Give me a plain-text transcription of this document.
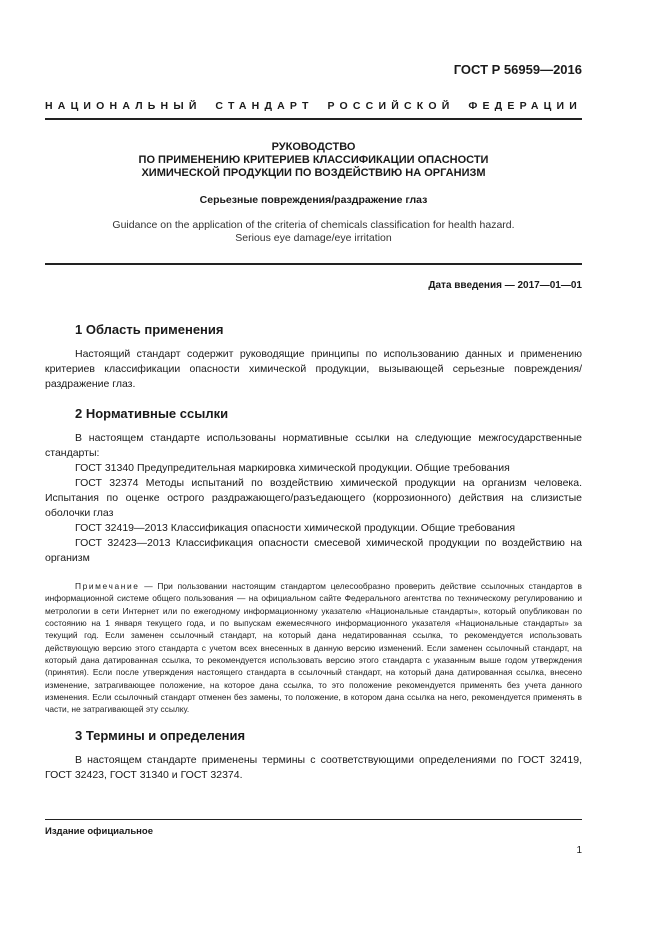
ГОСТ Р 56959—2016
НАЦИОНАЛЬНЫЙ СТАНДАРТ РОССИЙСКОЙ ФЕДЕРАЦИИ
РУКОВОДСТВО
ПО ПРИМЕНЕНИЮ КРИТЕРИЕВ КЛАССИФИКАЦИИ ОПАСНОСТИ
ХИМИЧЕСКОЙ ПРОДУКЦИИ ПО ВОЗДЕЙСТВИЮ НА ОРГАНИЗМ
Серьезные повреждения/раздражение глаз
Guidance on the application of the criteria of chemicals classification for health hazard.
Serious eye damage/eye irritation
Дата введения — 2017—01—01
1 Область применения
Настоящий стандарт содержит руководящие принципы по использованию данных и применению критериев классификации опасности химической продукции, вызывающей серьезные повреждения/раздражение глаз.
2 Нормативные ссылки
В настоящем стандарте использованы нормативные ссылки на следующие межгосударственные стандарты:
ГОСТ 31340 Предупредительная маркировка химической продукции. Общие требования
ГОСТ 32374 Методы испытаний по воздействию химической продукции на организм человека. Испытания по оценке острого раздражающего/разъедающего (коррозионного) действия на слизистые оболочки глаз
ГОСТ 32419—2013 Классификация опасности химической продукции. Общие требования
ГОСТ 32423—2013 Классификация опасности смесевой химической продукции по воздействию на организм
Примечание — При пользовании настоящим стандартом целесообразно проверить действие ссылочных стандартов в информационной системе общего пользования — на официальном сайте Федерального агентства по техническому регулированию и метрологии в сети Интернет или по ежегодному информационному указателю «Национальные стандарты», который опубликован по состоянию на 1 января текущего года, и по выпускам ежемесячного информационного указателя «Национальные стандарты» за текущий год. Если заменен ссылочный стандарт, на который дана недатированная ссылка, то рекомендуется использовать действующую версию этого стандарта с учетом всех внесенных в данную версию изменений. Если заменен ссылочный стандарт, на который дана датированная ссылка, то рекомендуется использовать версию этого стандарта с указанным выше годом утверждения (принятия). Если после утверждения настоящего стандарта в ссылочный стандарт, на который дана датированная ссылка, внесено изменение, затрагивающее положение, на которое дана ссылка, то это положение рекомендуется применять без учета данного изменения. Если ссылочный стандарт отменен без замены, то положение, в котором дана ссылка на него, рекомендуется применять в части, не затрагивающей эту ссылку.
3 Термины и определения
В настоящем стандарте применены термины с соответствующими определениями по ГОСТ 32419, ГОСТ 32423, ГОСТ 31340 и ГОСТ 32374.
Издание официальное
1
